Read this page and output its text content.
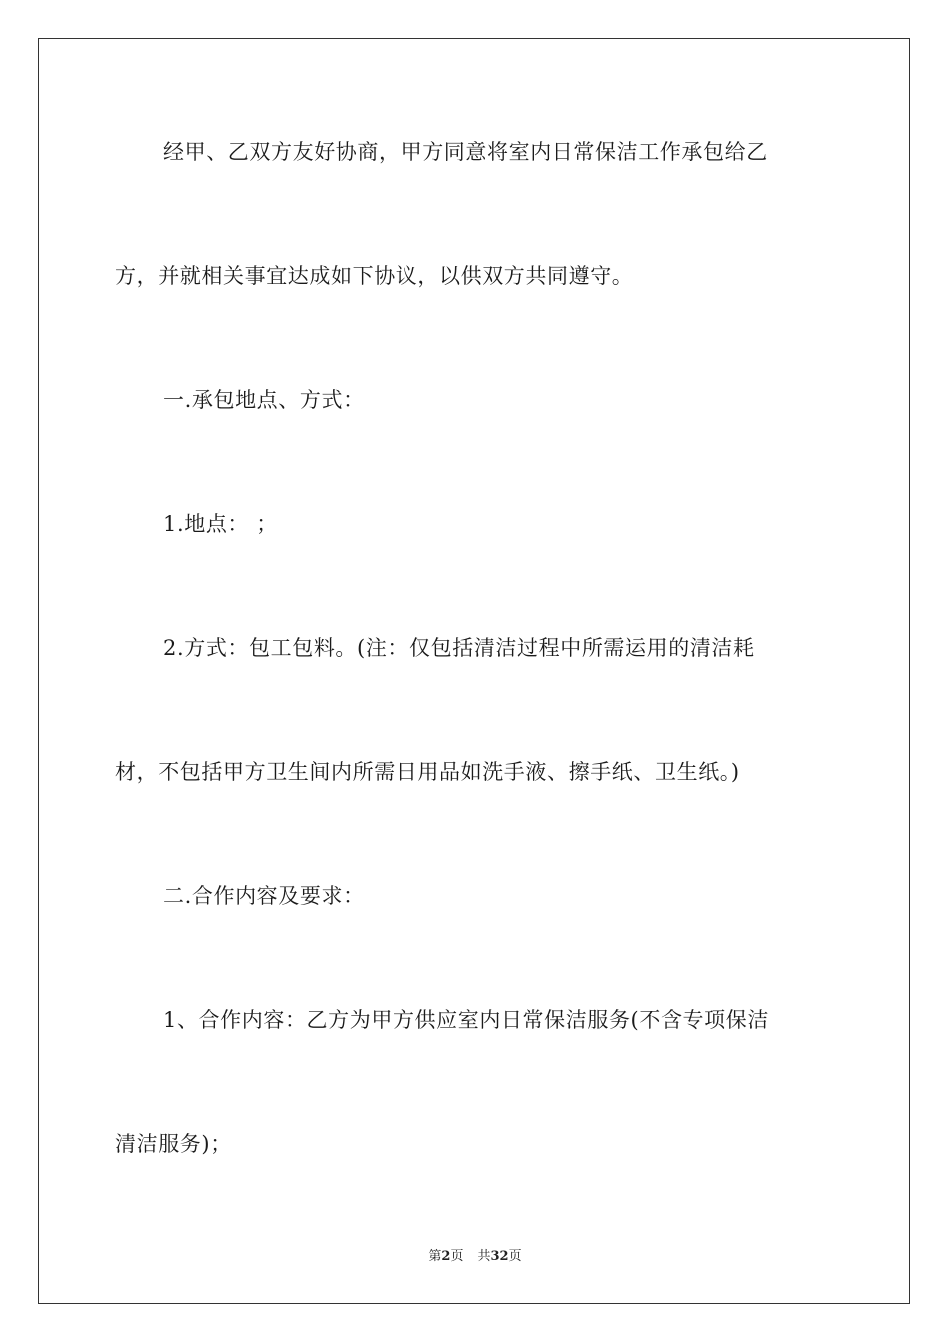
经甲、乙双方友好协商，甲方同意将室内日常保洁工作承包给乙
方，并就相关事宜达成如下协议，以供双方共同遵守。
一.承包地点、方式：
1.地点： ；
2.方式：包工包料。(注：仅包括清洁过程中所需运用的清洁耗
材，不包括甲方卫生间内所需日用品如洗手液、擦手纸、卫生纸。)
二.合作内容及要求：
1、合作内容：乙方为甲方供应室内日常保洁服务(不含专项保洁
清洁服务)；
第2页 共32页
